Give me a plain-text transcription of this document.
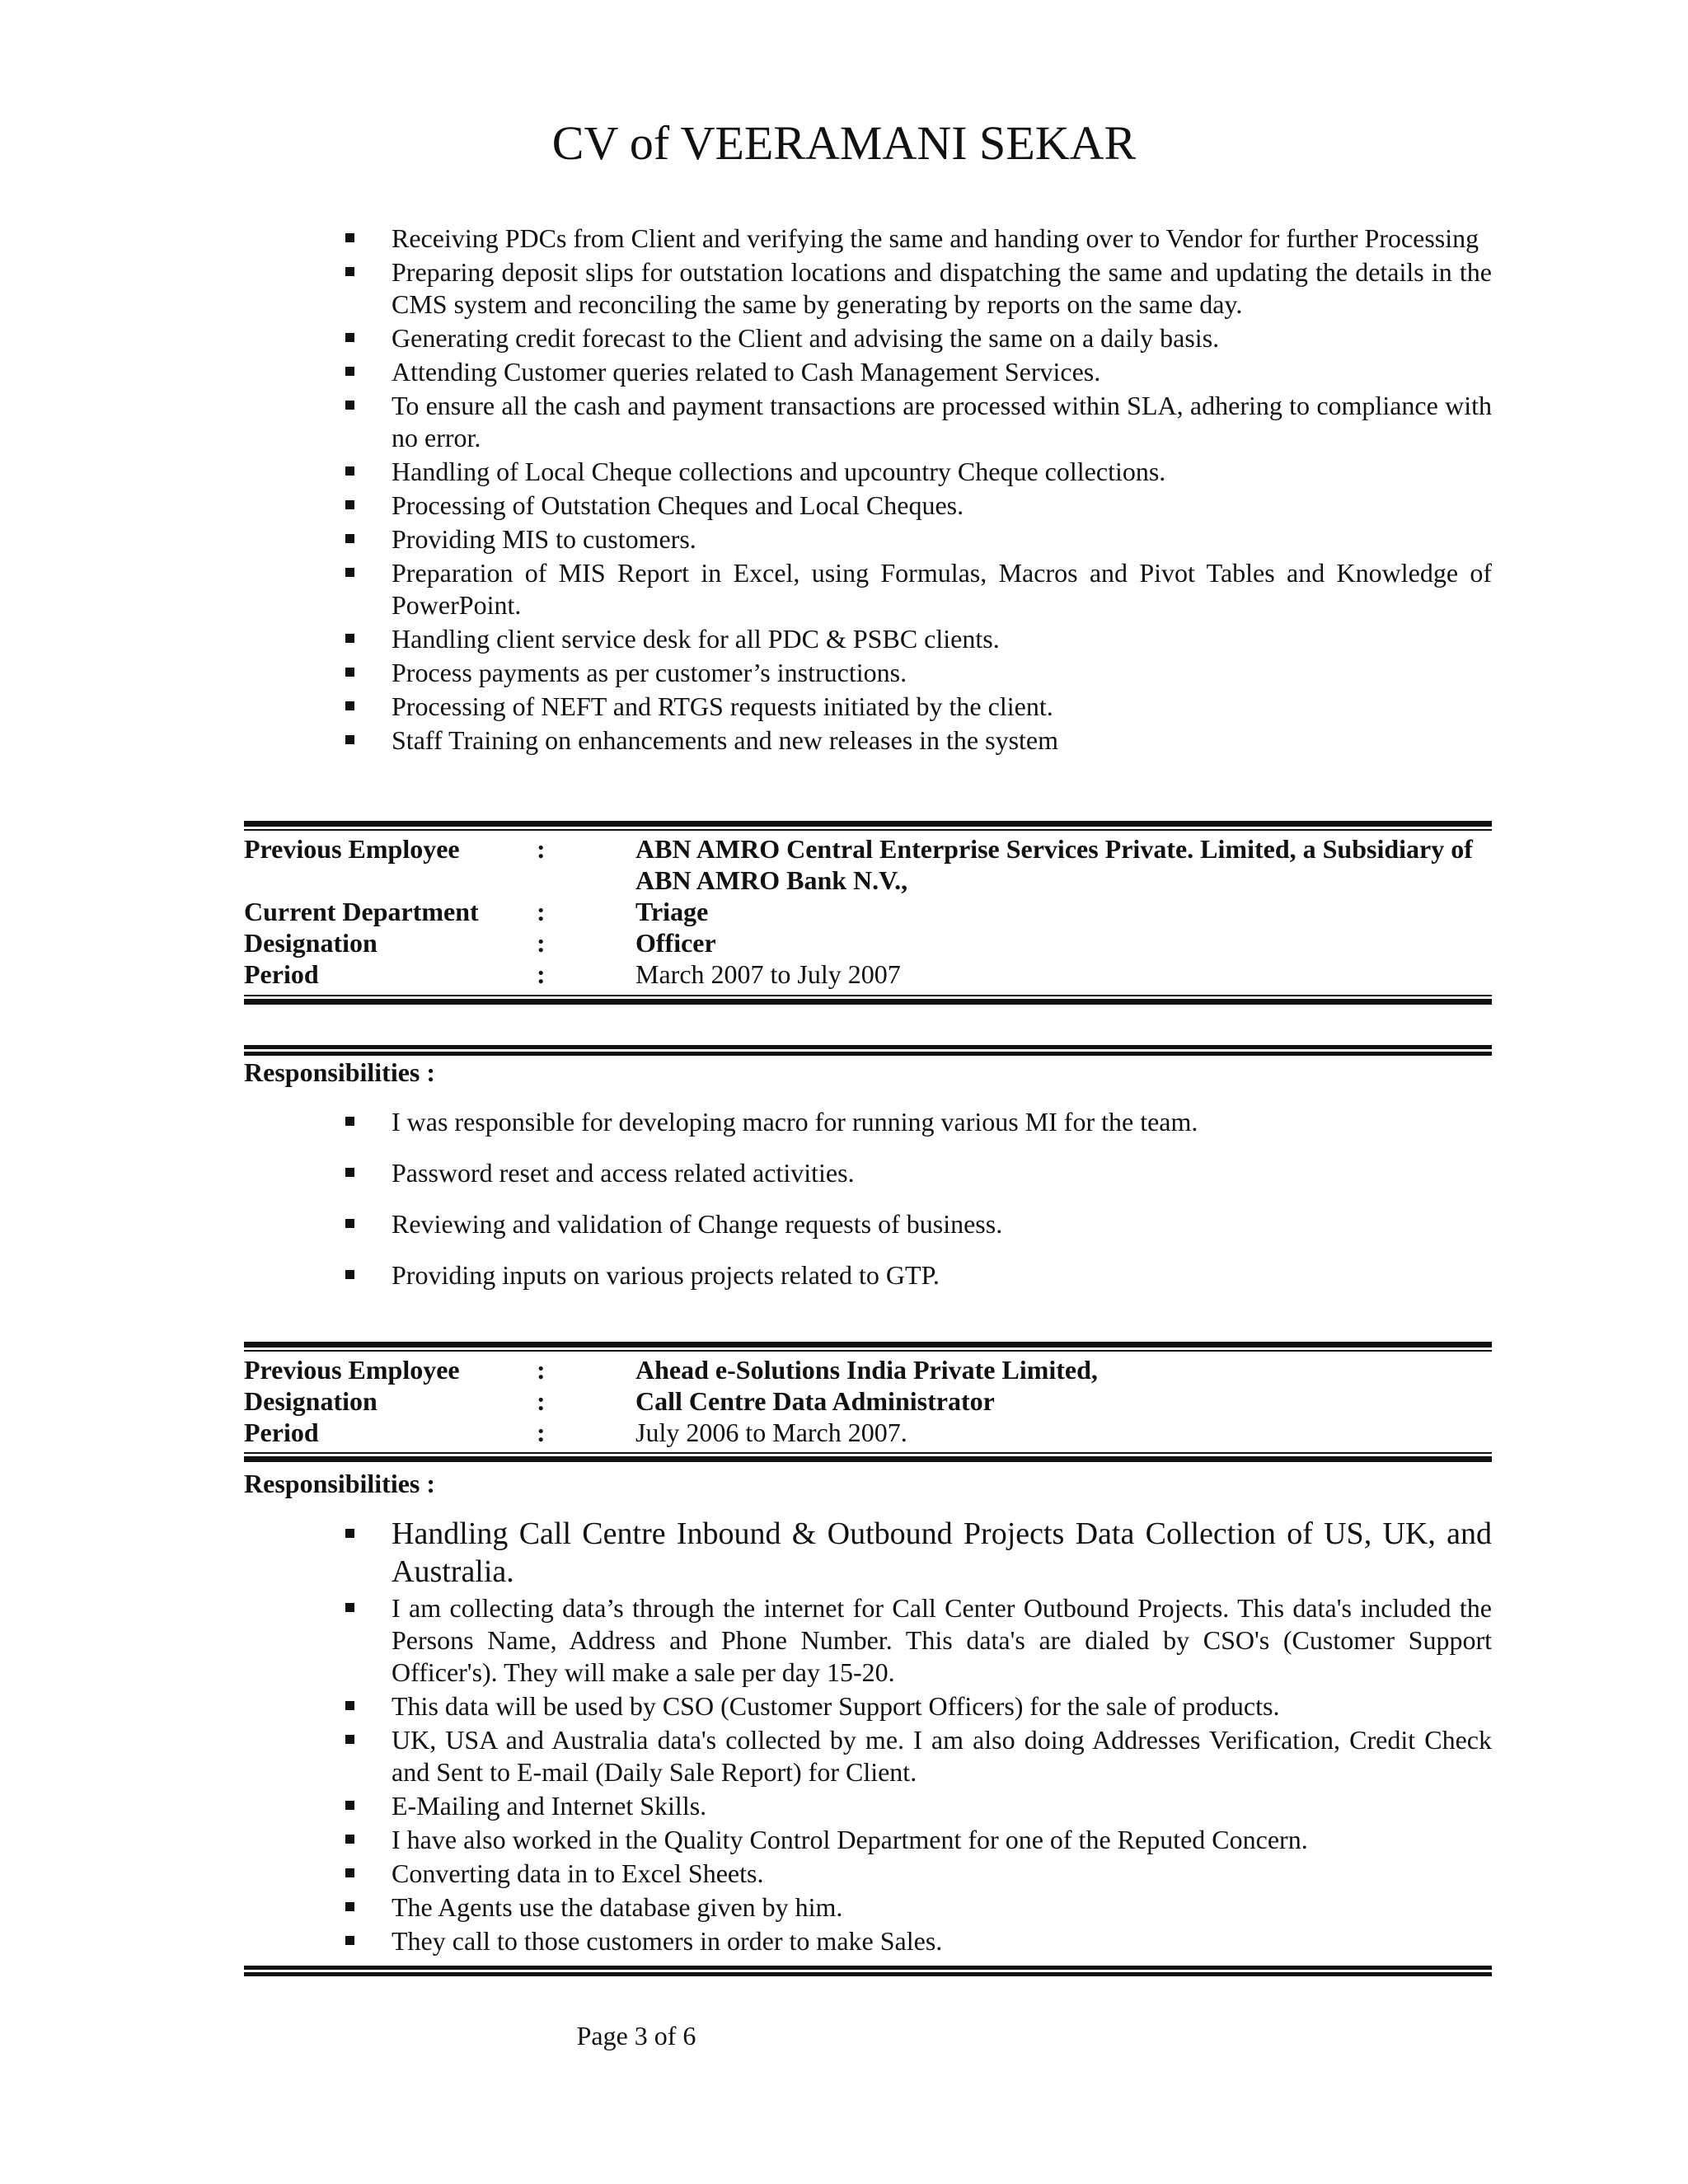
CV of VEERAMANI SEKAR
Receiving PDCs from Client and verifying the same and handing over to Vendor for further Processing
Preparing deposit slips for outstation locations and dispatching the same and updating the details in the CMS system and reconciling the same by generating by reports on the same day.
Generating credit forecast to the Client and advising the same on a daily basis.
Attending Customer queries related to Cash Management Services.
To ensure all the cash and payment transactions are processed within SLA, adhering to compliance with no error.
Handling of Local Cheque collections and upcountry Cheque collections.
Processing of Outstation Cheques and Local Cheques.
Providing MIS to customers.
Preparation of MIS Report in Excel, using Formulas, Macros and Pivot Tables and Knowledge of PowerPoint.
Handling client service desk for all PDC & PSBC clients.
Process payments as per customer’s instructions.
Processing of NEFT and RTGS requests initiated by the client.
Staff Training on enhancements and new releases in the system
Previous Employee	:	ABN AMRO Central Enterprise Services Private. Limited, a Subsidiary of ABN AMRO Bank N.V.,
Current Department	:	Triage
Designation	:	Officer
Period	:	March 2007 to July 2007
Responsibilities :
I was responsible for developing macro for running various MI for the team.
Password reset and access related activities.
Reviewing and validation of Change requests of business.
Providing inputs on various projects related to GTP.
Previous Employee	:	Ahead e-Solutions India Private Limited,
Designation	:	Call Centre Data Administrator
Period	:	July 2006 to March 2007.
Responsibilities :
Handling Call Centre Inbound & Outbound Projects Data Collection of US, UK, and Australia.
I am collecting data’s through the internet for Call Center Outbound Projects. This data's included the Persons Name, Address and Phone Number. This data's are dialed by CSO's (Customer Support Officer's). They will make a sale per day 15-20.
This data will be used by CSO (Customer Support Officers) for the sale of products.
UK, USA and Australia data's collected by me. I am also doing Addresses Verification, Credit Check and Sent to E-mail (Daily Sale Report) for Client.
E-Mailing and Internet Skills.
I have also worked in the Quality Control Department for one of the Reputed Concern.
Converting data in to Excel Sheets.
The Agents use the database given by him.
They call to those customers in order to make Sales.
Page 3 of 6
